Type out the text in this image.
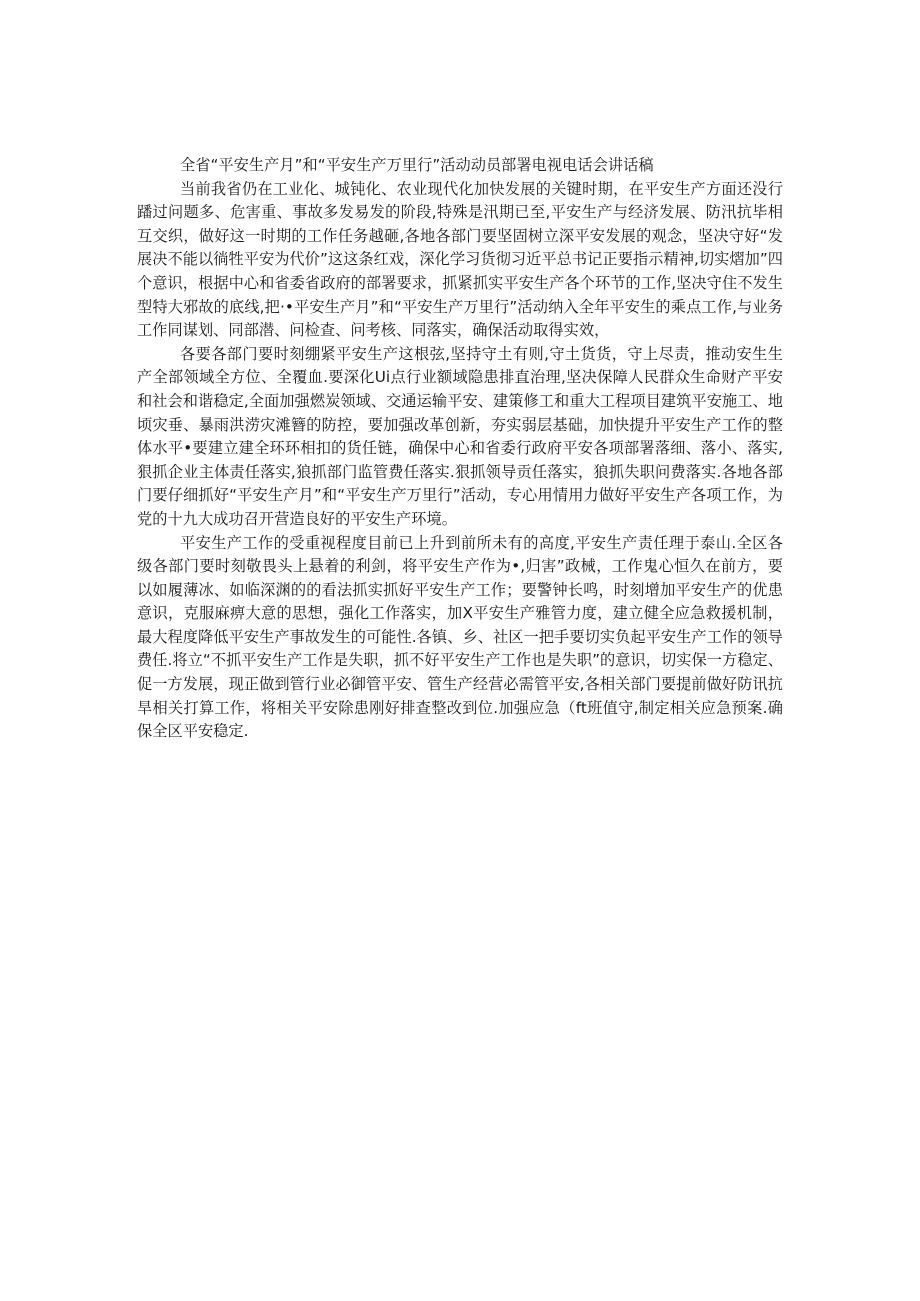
全省“平安生产月”和“平安生产万里行”活动动员部署电视电话会讲话稿

当前我省仍在工业化、城钝化、农业现代化加快发展的关键时期，在平安生产方面还没行蹯过问题多、危害重、事故多发易发的阶段,特殊是汛期已至,平安生产与经济发展、防汛抗毕相互交织，做好这一时期的工作任务越砸,各地各部门要坚固树立深平安发展的观念，坚决守好“发展决不能以徜牲平安为代价”这这条红戏，深化学习货彻习近平总书记正要指示精神,切实熠加”四个意识，根据中心和省委省政府的部署要求，抓紧抓实平安生产各个环节的工作,坚决守住不发生型特大邪故的底线,把·•平安生产月”和“平安生产万里行”活动纳入全年平安生的乘点工作,与业务工作同谋划、同部潜、问检查、问考核、同落实，确保活动取得实效，

各要各部门要时刻绷紧平安生产这根弦,坚持守土有则,守土货货，守上尽责，推动安生生产全部领域全方位、全覆血.要深化Ui点行业额域隐患排直治理,坚决保障人民群众生命财产平安和社会和谐稳定,全面加强燃炭领域、交通运输平安、建策修工和重大工程项目建筑平安施工、地顷灾垂、暴雨洪涝灾滩簪的防控，要加强改革创新，夯实弱层基础，加快提升平安生产工作的整体水平•要建立建全环环相扣的货任链，确保中心和省委行政府平安各项部署落细、落小、落实,狠抓企业主体责任落实,狼抓部门监管费任落实.狠抓领导贡任落实，狼抓失职问费落实.各地各部门要仔细抓好“平安生产月”和“平安生产万里行”活动，专心用情用力做好平安生产各项工作，为党的十九大成功召开营造良好的平安生产环境。

平安生产工作的受重视程度目前已上升到前所未有的高度,平安生产责任理于泰山.全区各级各部门要时刻敬畏头上悬着的利剑，将平安生产作为•,归害”政械，工作鬼心恒久在前方，要以如履薄冰、如临深渊的的看法抓实抓好平安生产工作；要警钟长鸣，时刻增加平安生产的优患意识，克服麻痹大意的思想，强化工作落实，加X平安生产雅管力度，建立健全应急救援机制，最大程度降低平安生产事故发生的可能性.各镇、乡、社区一把手要切实负起平安生产工作的领导费任.将立“不抓平安生产工作是失职，抓不好平安生产工作也是失职”的意识，切实保一方稳定、促一方发展，现正做到管行业必御管平安、管生产经营必需管平安,各相关部门要提前做好防讯抗旱相关打算工作，将相关平安除患刚好排查整改到位.加强应急（ft班值守,制定相关应急预案.确保全区平安稳定.
